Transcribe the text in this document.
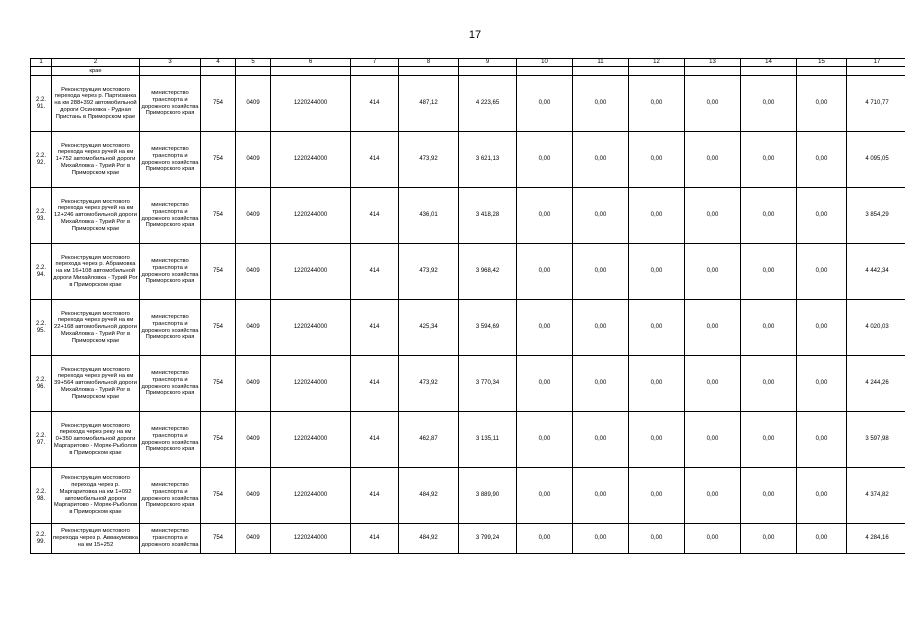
17
1	2	3	4	5	6	7	8	9	10	11	12	13	14	15	17
	крае														
2.2. 91.	Реконструкция мостового перехода через р. Партизанка на км 288+392 автомобильной дороги Осиновка - Рудная Пристань в Приморском крае	министерство транспорта и дорожного хозяйства Приморского края	754	0409	1220244000	414	487,12	4 223,65	0,00	0,00	0,00	0,00	0,00	0,00	4 710,77
2.2. 92.	Реконструкция мостового перехода через ручей на км 1+752 автомобильной дороги Михайловка - Турий Рог в Приморском крае	министерство транспорта и дорожного хозяйства Приморского края	754	0409	1220244000	414	473,92	3 621,13	0,00	0,00	0,00	0,00	0,00	0,00	4 095,05
2.2. 93.	Реконструкция мостового перехода через ручей на км 12+246 автомобильной дороги Михайловка - Турий Рог в Приморском крае	министерство транспорта и дорожного хозяйства Приморского края	754	0409	1220244000	414	436,01	3 418,28	0,00	0,00	0,00	0,00	0,00	0,00	3 854,29
2.2. 94.	Реконструкция мостового перехода через р. Абрамовка на км 16+108 автомобильной дороги Михайловка - Турий Рог в Приморском крае	министерство транспорта и дорожного хозяйства Приморского края	754	0409	1220244000	414	473,92	3 968,42	0,00	0,00	0,00	0,00	0,00	0,00	4 442,34
2.2. 95.	Реконструкция мостового перехода через ручей на км 22+168 автомобильной дороги Михайловка - Турий Рог в Приморском крае	министерство транспорта и дорожного хозяйства Приморского края	754	0409	1220244000	414	425,34	3 594,69	0,00	0,00	0,00	0,00	0,00	0,00	4 020,03
2.2. 96.	Реконструкция мостового перехода через ручей на км 39+564 автомобильной дороги Михайловка - Турий Рог в Приморском крае	министерство транспорта и дорожного хозяйства Приморского края	754	0409	1220244000	414	473,92	3 770,34	0,00	0,00	0,00	0,00	0,00	0,00	4 244,26
2.2. 97.	Реконструкция мостового перехода через реку на км 0+350 автомобильной дороги Маргаритово - Моряк-Рыболов в Приморском крае	министерство транспорта и дорожного хозяйства Приморского края	754	0409	1220244000	414	462,87	3 135,11	0,00	0,00	0,00	0,00	0,00	0,00	3 597,98
2.2. 98.	Реконструкция мостового перехода через р. Маргаритовка на км 1+092 автомобильной дороги Маргаритово - Моряк-Рыболов в Приморском крае	министерство транспорта и дорожного хозяйства Приморского края	754	0409	1220244000	414	484,92	3 889,90	0,00	0,00	0,00	0,00	0,00	0,00	4 374,82
2.2. 99.	Реконструкция мостового перехода через р. Аввакумовка на км 15+252	министерство транспорта и дорожного хозяйства	754	0409	1220244000	414	484,92	3 799,24	0,00	0,00	0,00	0,00	0,00	0,00	4 284,16
